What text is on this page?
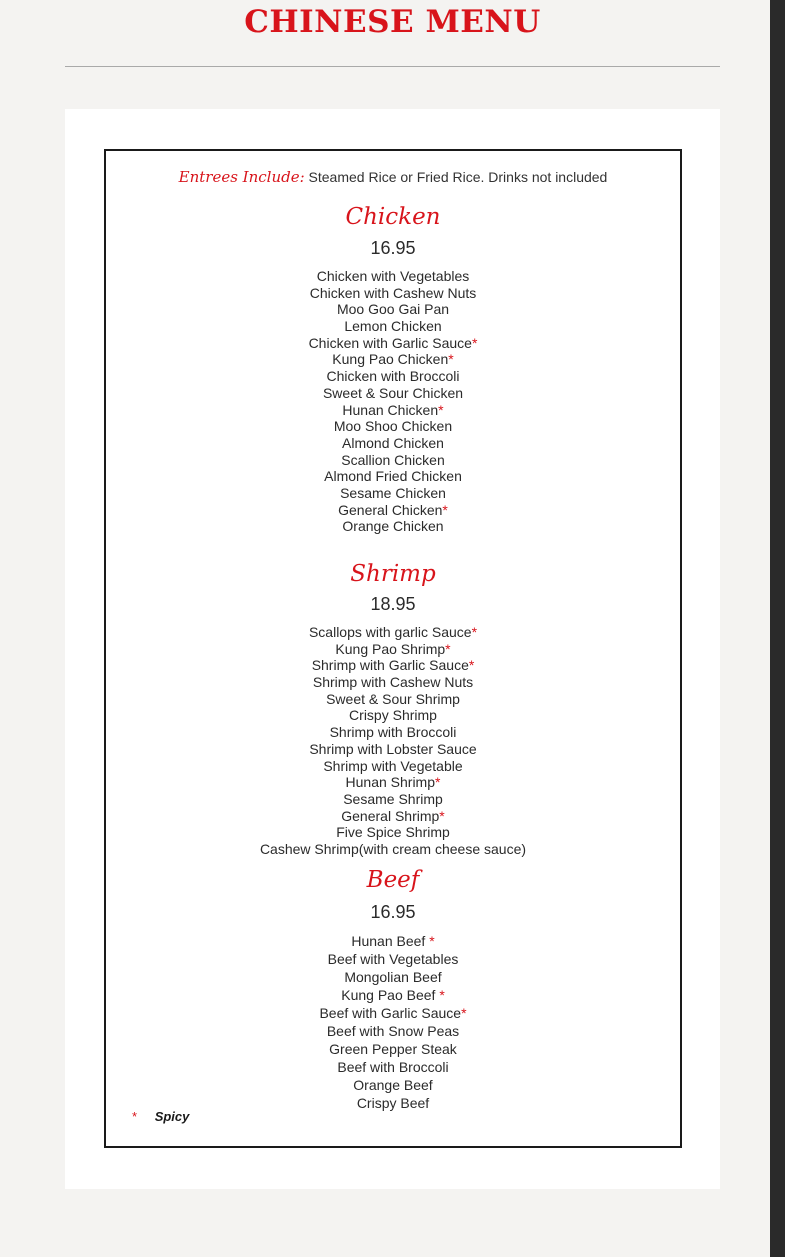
CHINESE MENU
Entrees Include: Steamed Rice or Fried Rice. Drinks not included
Chicken
16.95
Chicken with Vegetables
Chicken with Cashew Nuts
Moo Goo Gai Pan
Lemon Chicken
Chicken with Garlic Sauce*
Kung Pao Chicken*
Chicken with Broccoli
Sweet & Sour Chicken
Hunan Chicken*
Moo Shoo Chicken
Almond Chicken
Scallion Chicken
Almond Fried Chicken
Sesame Chicken
General Chicken*
Orange Chicken
Shrimp
18.95
Scallops with garlic Sauce*
Kung Pao Shrimp*
Shrimp with Garlic Sauce*
Shrimp with Cashew Nuts
Sweet & Sour Shrimp
Crispy Shrimp
Shrimp with Broccoli
Shrimp with Lobster Sauce
Shrimp with Vegetable
Hunan Shrimp*
Sesame Shrimp
General Shrimp*
Five Spice Shrimp
Cashew Shrimp(with cream cheese sauce)
Beef
16.95
Hunan Beef *
Beef with Vegetables
Mongolian Beef
Kung Pao Beef *
Beef with Garlic Sauce*
Beef with Snow Peas
Green Pepper Steak
Beef with Broccoli
Orange Beef
Crispy Beef
* Spicy
